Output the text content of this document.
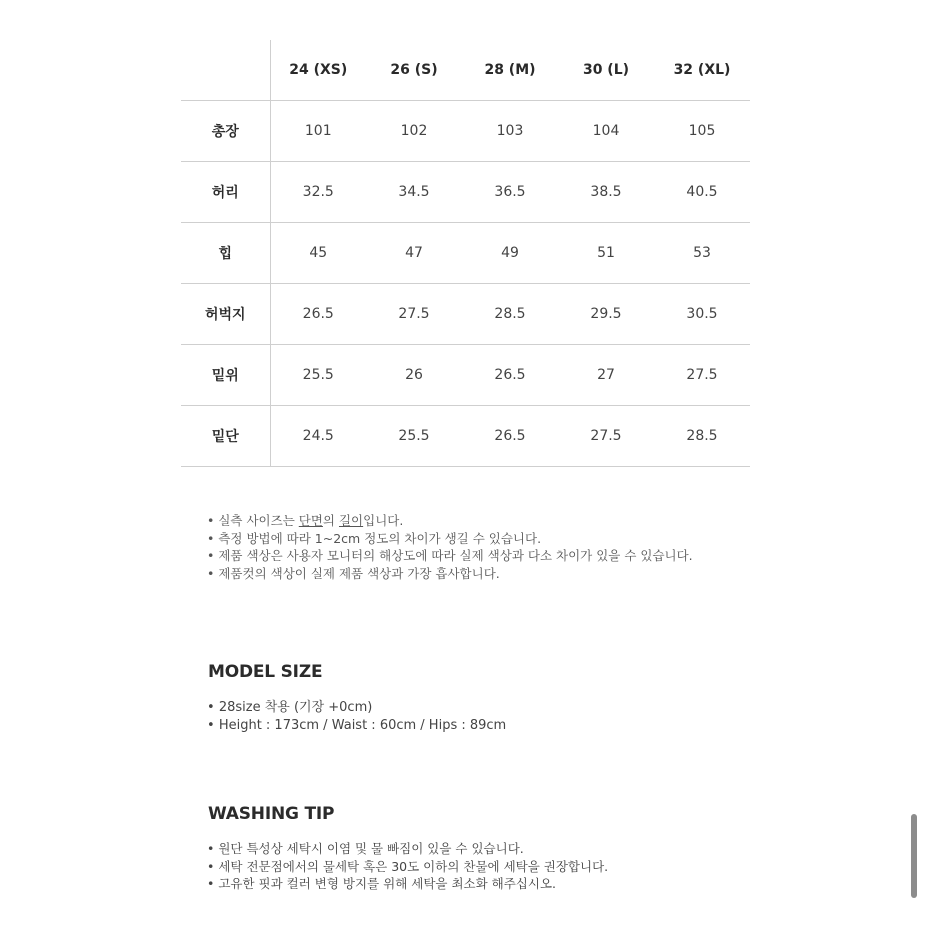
	24 (XS)	26 (S)	28 (M)	30 (L)	32 (XL)
총장	101	102	103	104	105
허리	32.5	34.5	36.5	38.5	40.5
힙	45	47	49	51	53
허벅지	26.5	27.5	28.5	29.5	30.5
밑위	25.5	26	26.5	27	27.5
밑단	24.5	25.5	26.5	27.5	28.5
• 실측 사이즈는 단면의 길이입니다.
• 측정 방법에 따라 1~2cm 정도의 차이가 생길 수 있습니다.
• 제품 색상은 사용자 모니터의 해상도에 따라 실제 색상과 다소 차이가 있을 수 있습니다.
• 제품컷의 색상이 실제 제품 색상과 가장 흡사합니다.
MODEL SIZE
• 28size 착용 (기장 +0cm)
• Height : 173cm / Waist : 60cm / Hips : 89cm
WASHING TIP
• 원단 특성상 세탁시 이염 및 물 빠짐이 있을 수 있습니다.
• 세탁 전문점에서의 물세탁 혹은 30도 이하의 찬물에 세탁을 권장합니다.
• 고유한 핏과 컬러 변형 방지를 위해 세탁을 최소화 해주십시오.
